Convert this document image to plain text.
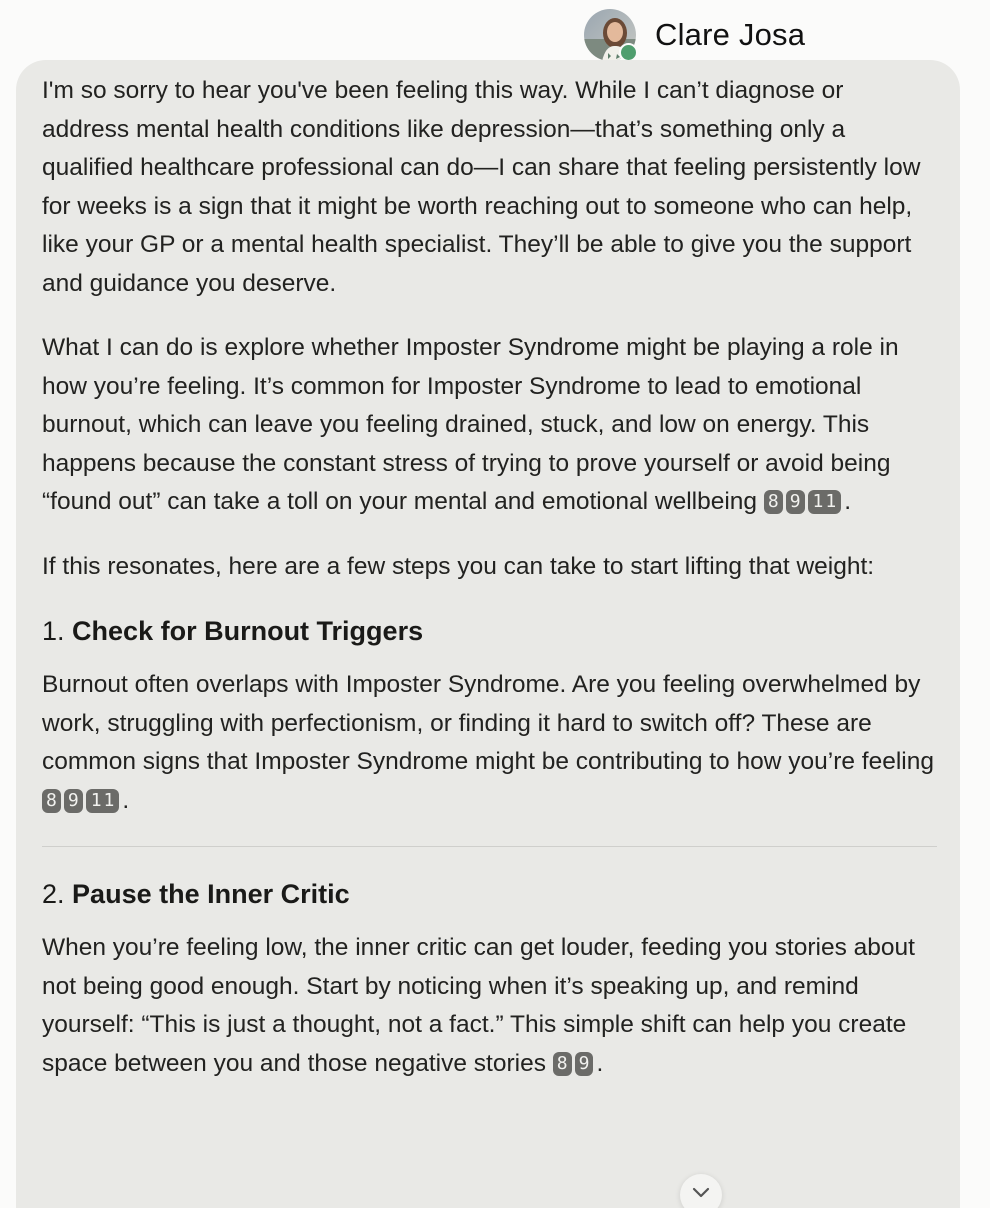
Clare Josa

I'm so sorry to hear you've been feeling this way. While I can’t diagnose or address mental health conditions like depression—that’s something only a qualified healthcare professional can do—I can share that feeling persistently low for weeks is a sign that it might be worth reaching out to someone who can help, like your GP or a mental health specialist. They’ll be able to give you the support and guidance you deserve.

What I can do is explore whether Imposter Syndrome might be playing a role in how you’re feeling. It’s common for Imposter Syndrome to lead to emotional burnout, which can leave you feeling drained, stuck, and low on energy. This happens because the constant stress of trying to prove yourself or avoid being “found out” can take a toll on your mental and emotional wellbeing 8 9 11 .

If this resonates, here are a few steps you can take to start lifting that weight:

1. Check for Burnout Triggers

Burnout often overlaps with Imposter Syndrome. Are you feeling overwhelmed by work, struggling with perfectionism, or finding it hard to switch off? These are common signs that Imposter Syndrome might be contributing to how you’re feeling 8 9 11 .

2. Pause the Inner Critic

When you’re feeling low, the inner critic can get louder, feeding you stories about not being good enough. Start by noticing when it’s speaking up, and remind yourself: “This is just a thought, not a fact.” This simple shift can help you create space between you and those negative stories 8 9 .
